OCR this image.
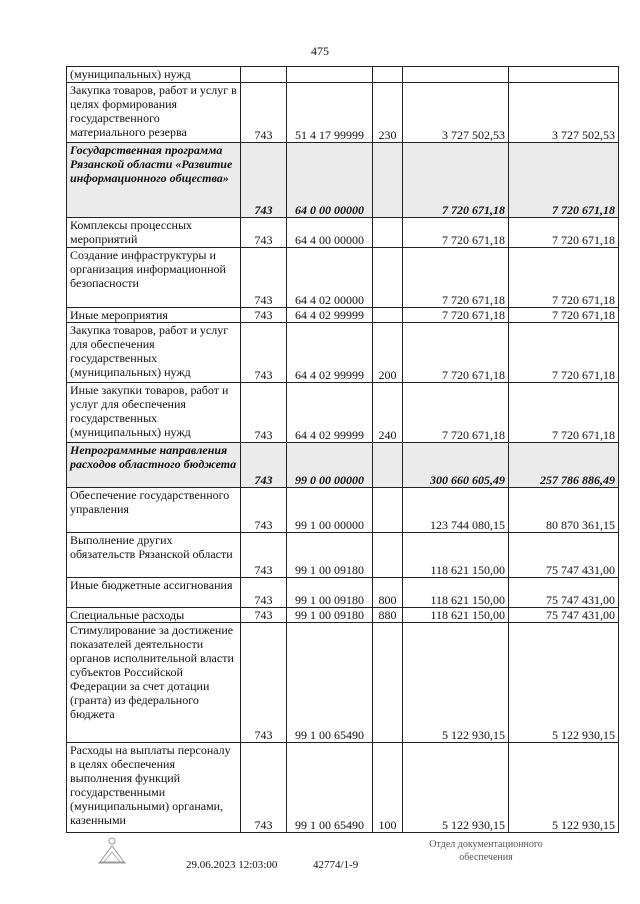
475
(муниципальных) нужд					
Закупка товаров, работ и услуг в целях формирования государственного материального резерва	743	51 4 17 99999	230	3 727 502,53	3 727 502,53
Государственная программа Рязанской области «Развитие информационного общества»	743	64 0 00 00000		7 720 671,18	7 720 671,18
Комплексы процессных мероприятий	743	64 4 00 00000		7 720 671,18	7 720 671,18
Создание инфраструктуры и организация информационной безопасности	743	64 4 02 00000		7 720 671,18	7 720 671,18
Иные мероприятия	743	64 4 02 99999		7 720 671,18	7 720 671,18
Закупка товаров, работ и услуг для обеспечения государственных (муниципальных) нужд	743	64 4 02 99999	200	7 720 671,18	7 720 671,18
Иные закупки товаров, работ и услуг для обеспечения государственных (муниципальных) нужд	743	64 4 02 99999	240	7 720 671,18	7 720 671,18
Непрограммные направления расходов областного бюджета	743	99 0 00 00000		300 660 605,49	257 786 886,49
Обеспечение государственного управления	743	99 1 00 00000		123 744 080,15	80 870 361,15
Выполнение других обязательств Рязанской области	743	99 1 00 09180		118 621 150,00	75 747 431,00
Иные бюджетные ассигнования	743	99 1 00 09180	800	118 621 150,00	75 747 431,00
Специальные расходы	743	99 1 00 09180	880	118 621 150,00	75 747 431,00
Стимулирование за достижение показателей деятельности органов исполнительной власти субъектов Российской Федерации за счет дотации (гранта) из федерального бюджета	743	99 1 00 65490		5 122 930,15	5 122 930,15
Расходы на выплаты персоналу в целях обеспечения выполнения функций государственными (муниципальными) органами, казенными	743	99 1 00 65490	100	5 122 930,15	5 122 930,15
29.06.2023 12:03:00	42774/1-9
Отдел документационного
обеспечения
